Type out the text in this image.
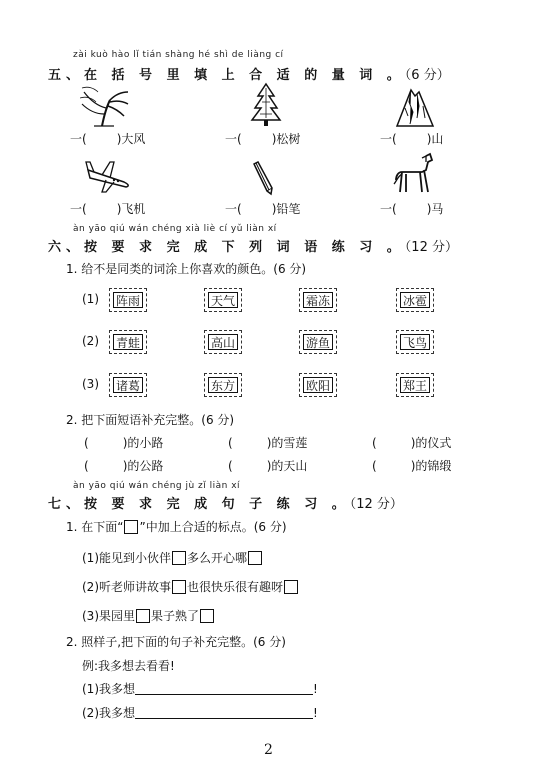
zài kuò hào lǐ tián shàng hé shì de liàng cí
五、在 括 号 里 填 上 合 适 的 量 词 。（6 分）
一(	)大风	一(	)松树	一(	)山
一(	)飞机	一(	)铅笔	一(	)马
àn yāo qiú wán chéng xià liè cí yǔ liàn xí
六、按 要 求 完 成 下 列 词 语 练 习 。（12 分）
1. 给不是同类的词涂上你喜欢的颜色。(6 分)
(1) 阵雨	天气	霜冻	冰雹
(2) 青蛙	高山	游鱼	飞鸟
(3) 诸葛	东方	欧阳	郑王
2. 把下面短语补充完整。(6 分)
(	)的小路	(	)的雪莲	(	)的仪式
(	)的公路	(	)的天山	(	)的锦缎
àn yāo qiú wán chéng jù zǐ liàn xí
七、按 要 求 完 成 句 子 练 习 。（12 分）
1. 在下面“ ”中加上合适的标点。(6 分)
(1)能见到小伙伴 多么开心哪
(2)听老师讲故事 也很快乐很有趣呀
(3)果园里 果子熟了
2. 照样子,把下面的句子补充完整。(6 分)
例:我多想去看看!
(1)我多想	!
(2)我多想	!
2
